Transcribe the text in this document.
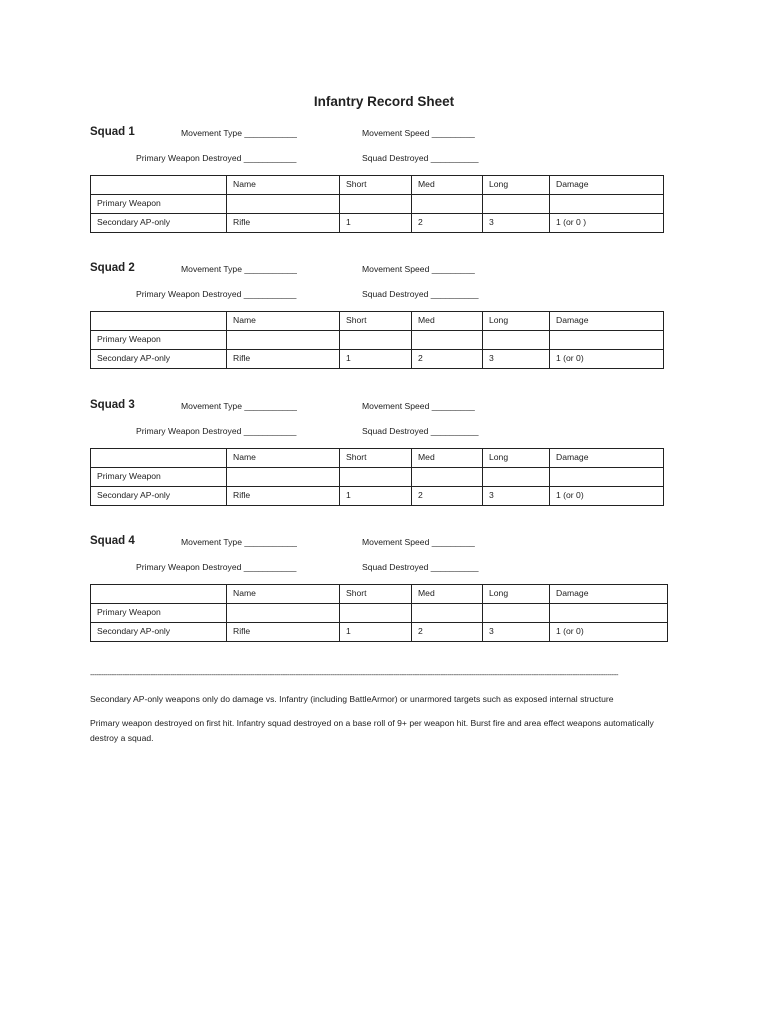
Infantry Record Sheet
Squad 1	Movement Type ___________	Movement Speed _________
Primary Weapon Destroyed ___________	Squad Destroyed __________
	Name	Short	Med	Long	Damage
Primary Weapon					
Secondary AP-only	Rifle	1	2	3	1 (or 0 )
Squad 2	Movement Type ___________	Movement Speed _________
Primary Weapon Destroyed ___________	Squad Destroyed __________
	Name	Short	Med	Long	Damage
Primary Weapon					
Secondary AP-only	Rifle	1	2	3	1 (or 0)
Squad 3	Movement Type ___________	Movement Speed _________
Primary Weapon Destroyed ___________	Squad Destroyed __________
	Name	Short	Med	Long	Damage
Primary Weapon					
Secondary AP-only	Rifle	1	2	3	1 (or 0)
Squad 4	Movement Type ___________	Movement Speed _________
Primary Weapon Destroyed ___________	Squad Destroyed __________
	Name	Short	Med	Long	Damage
Primary Weapon					
Secondary AP-only	Rifle	1	2	3	1 (or 0)
----------------------------------------------------------------------------------------------------------------------------------------------------------------------------------------------------------------------------------------------------
Secondary AP-only weapons only do damage vs. Infantry (including BattleArmor) or unarmored targets such as exposed internal structure
Primary weapon destroyed on first hit. Infantry squad destroyed on a base roll of 9+ per weapon hit. Burst fire and area effect weapons automatically destroy a squad.
